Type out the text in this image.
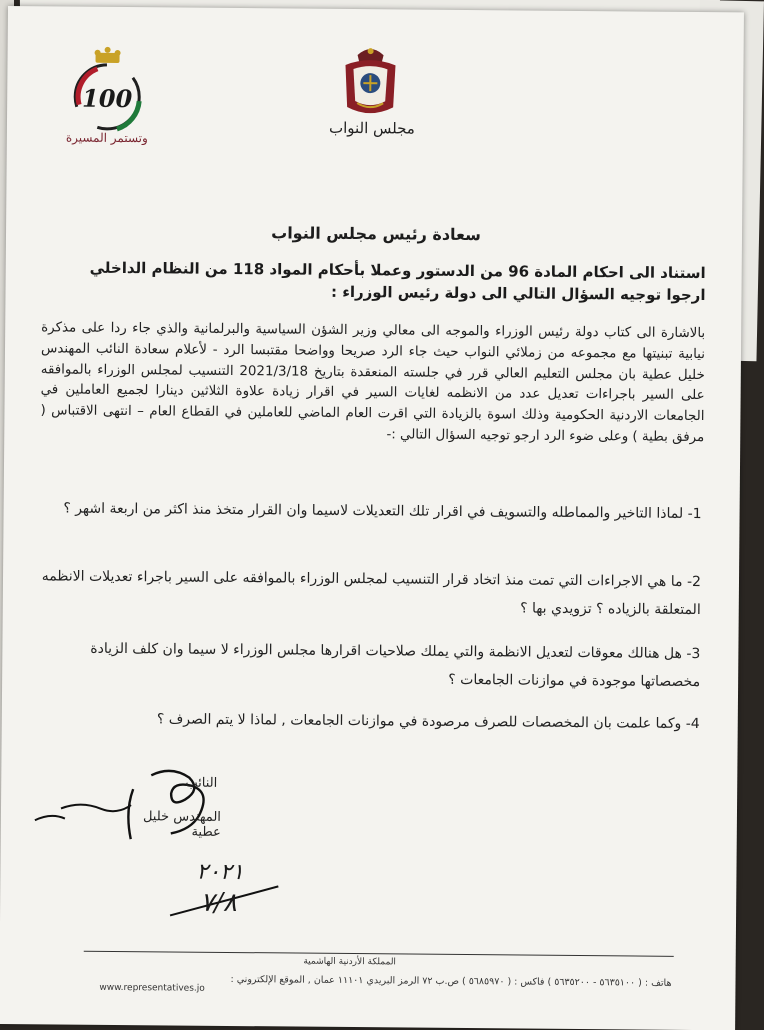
100
وتستمر المسيرة
مجلس النواب
سعادة رئيس مجلس النواب
استناد الى احكام المادة 96 من الدستور وعملا بأحكام المواد 118 من النظام الداخلي ارجوا توجيه السؤال التالي الى دولة رئيس الوزراء :
بالاشارة الى كتاب دولة رئيس الوزراء والموجه الى معالي وزير الشؤن السياسية والبرلمانية والذي جاء ردا على مذكرة نيابية تبنيتها مع مجموعه من زملائي النواب حيث جاء الرد صريحا وواضحا مقتبسا الرد - لأعلام سعادة النائب المهندس خليل عطية بان مجلس التعليم العالي قرر في جلسته المنعقدة بتاريخ 2021/3/18 التنسيب لمجلس الوزراء بالموافقه على السير باجراءات تعديل عدد من الانظمه لغايات السير في اقرار زيادة علاوة الثلاثين دينارا لجميع العاملين في الجامعات الاردنية الحكومية وذلك اسوة بالزيادة التي اقرت العام الماضي للعاملين في القطاع العام – انتهى الاقتباس ( مرفق بطية ) وعلى ضوء الرد ارجو توجيه السؤال التالي :-
1- لماذا التاخير والمماطله والتسويف في اقرار تلك التعديلات لاسيما وان القرار متخذ منذ اكثر من اربعة اشهر ؟
2- ما هي الاجراءات التي تمت منذ اتخاد قرار التنسيب لمجلس الوزراء بالموافقه على السير باجراء تعديلات الانظمه المتعلقة بالزياده ؟ تزويدي بها ؟
3- هل هنالك معوقات لتعديل الانظمة والتي يملك صلاحيات اقرارها مجلس الوزراء لا سيما وان كلف الزيادة مخصصاتها موجودة في موازنات الجامعات ؟
4- وكما علمت بان المخصصات للصرف مرصودة في موازنات الجامعات , لماذا لا يتم الصرف ؟
النائب
المهندس خليل عطية
٢٠٢١
٧/٨
المملكة الأردنية الهاشمية
هاتف : ( ٥٦٣٥١٠٠ - ٥٦٣٥٢٠٠ ) فاكس : ( ٥٦٨٥٩٧٠ ) ص.ب ٧٢ الرمز البريدي ١١١٠١ عمان , الموقع الإلكتروني :
www.representatives.jo
